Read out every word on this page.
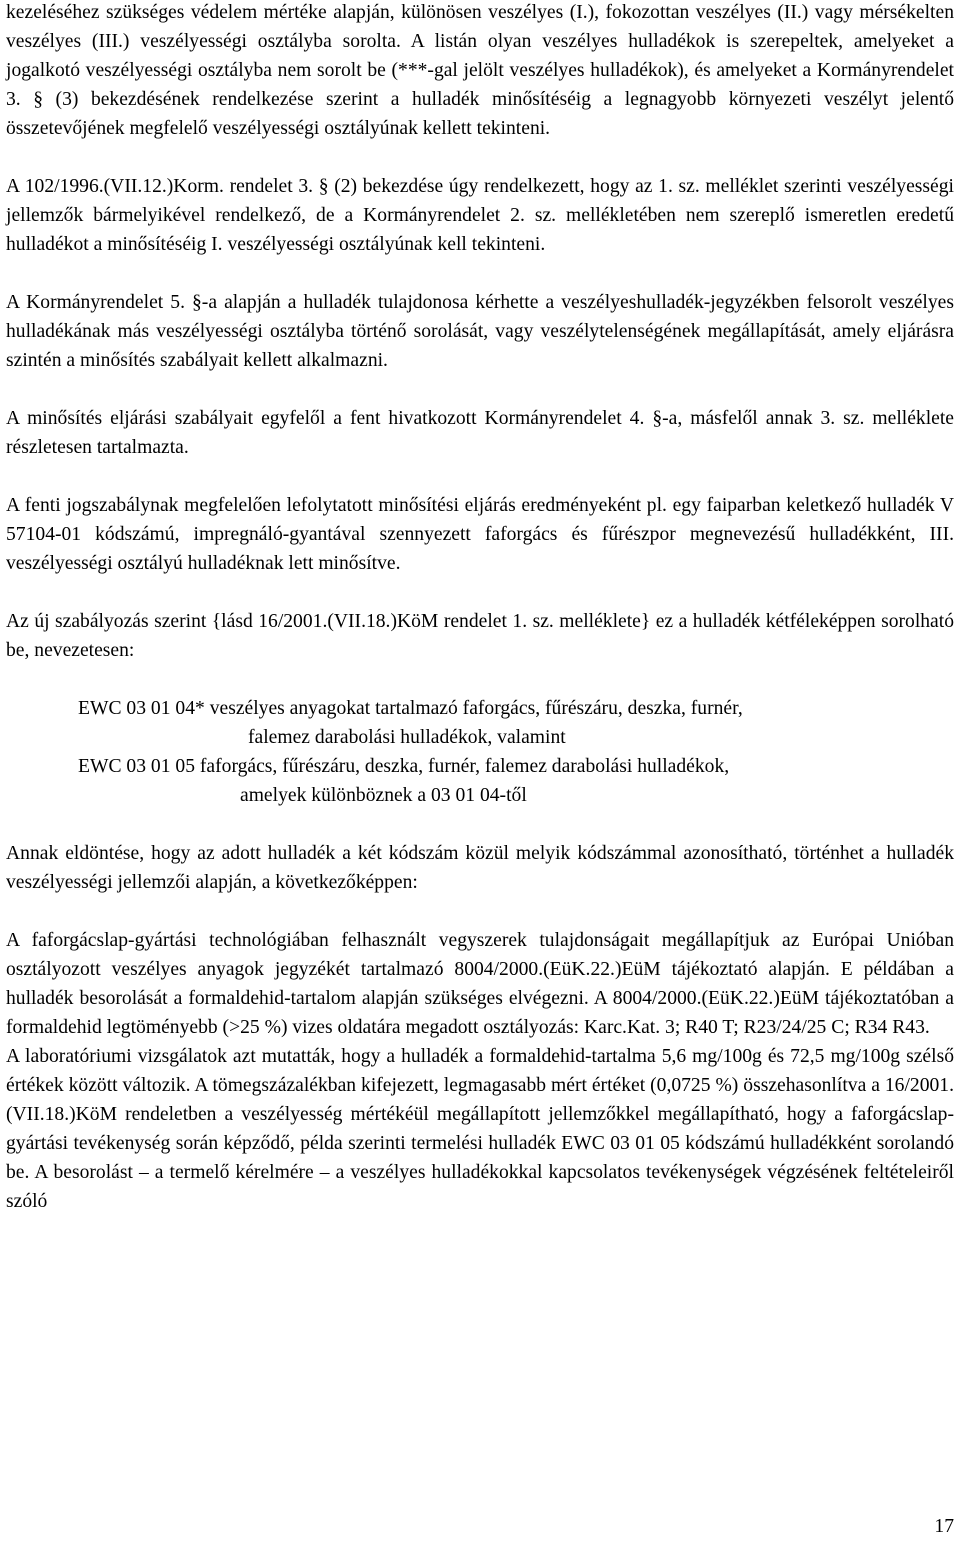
kezeléséhez szükséges védelem mértéke alapján, különösen veszélyes (I.), fokozottan veszélyes (II.) vagy mérsékelten veszélyes (III.) veszélyességi osztályba sorolta. A listán olyan veszélyes hulladékok is szerepeltek, amelyeket a jogalkotó veszélyességi osztályba nem sorolt be (***-gal jelölt veszélyes hulladékok), és amelyeket a Kormányrendelet 3. § (3) bekezdésének rendelkezése szerint a hulladék minősítéséig a legnagyobb környezeti veszélyt jelentő összetevőjének megfelelő veszélyességi osztályúnak kellett tekinteni.

A 102/1996.(VII.12.)Korm. rendelet 3. § (2) bekezdése úgy rendelkezett, hogy az 1. sz. melléklet szerinti veszélyességi jellemzők bármelyikével rendelkező, de a Kormányrendelet 2. sz. mellékletében nem szereplő ismeretlen eredetű hulladékot a minősítéséig I. veszélyességi osztályúnak kell tekinteni.

A Kormányrendelet 5. §-a alapján a hulladék tulajdonosa kérhette a veszélyeshulladék-jegyzékben felsorolt veszélyes hulladékának más veszélyességi osztályba történő sorolását, vagy veszélytelenségének megállapítását, amely eljárásra szintén a minősítés szabályait kellett alkalmazni.

A minősítés eljárási szabályait egyfelől a fent hivatkozott Kormányrendelet 4. §-a, másfelől annak 3. sz. melléklete részletesen tartalmazta.

A fenti jogszabálynak megfelelően lefolytatott minősítési eljárás eredményeként pl. egy faiparban keletkező hulladék V 57104-01 kódszámú, impregnáló-gyantával szennyezett faforgács és fűrészpor megnevezésű hulladékként, III. veszélyességi osztályú hulladéknak lett minősítve.

Az új szabályozás szerint {lásd 16/2001.(VII.18.)KöM rendelet 1. sz. melléklete} ez a hulladék kétféleképpen sorolható be, nevezetesen:

EWC 03 01 04* veszélyes anyagokat tartalmazó faforgács, fűrészáru, deszka, furnér,
falemez darabolási hulladékok, valamint
EWC 03 01 05 faforgács, fűrészáru, deszka, furnér, falemez darabolási hulladékok,
amelyek különböznek a 03 01 04-től

Annak eldöntése, hogy az adott hulladék a két kódszám közül melyik kódszámmal azonosítható, történhet a hulladék veszélyességi jellemzői alapján, a következőképpen:

A faforgácslap-gyártási technológiában felhasznált vegyszerek tulajdonságait megállapítjuk az Európai Unióban osztályozott veszélyes anyagok jegyzékét tartalmazó 8004/2000.(EüK.22.)EüM tájékoztató alapján. E példában a hulladék besorolását a formaldehid-tartalom alapján szükséges elvégezni. A 8004/2000.(EüK.22.)EüM tájékoztatóban a formaldehid legtöményebb (>25 %) vizes oldatára megadott osztályozás: Karc.Kat. 3; R40 T; R23/24/25 C; R34 R43.

A laboratóriumi vizsgálatok azt mutatták, hogy a hulladék a formaldehid-tartalma 5,6 mg/100g és 72,5 mg/100g szélső értékek között változik. A tömegszázalékban kifejezett, legmagasabb mért értéket (0,0725 %) összehasonlítva a 16/2001.(VII.18.)KöM rendeletben a veszélyesség mértékéül megállapított jellemzőkkel megállapítható, hogy a faforgácslap-gyártási tevékenység során képződő, példa szerinti termelési hulladék EWC 03 01 05 kódszámú hulladékként sorolandó be. A besorolást – a termelő kérelmére – a veszélyes hulladékokkal kapcsolatos tevékenységek végzésének feltételeiről szóló

17
